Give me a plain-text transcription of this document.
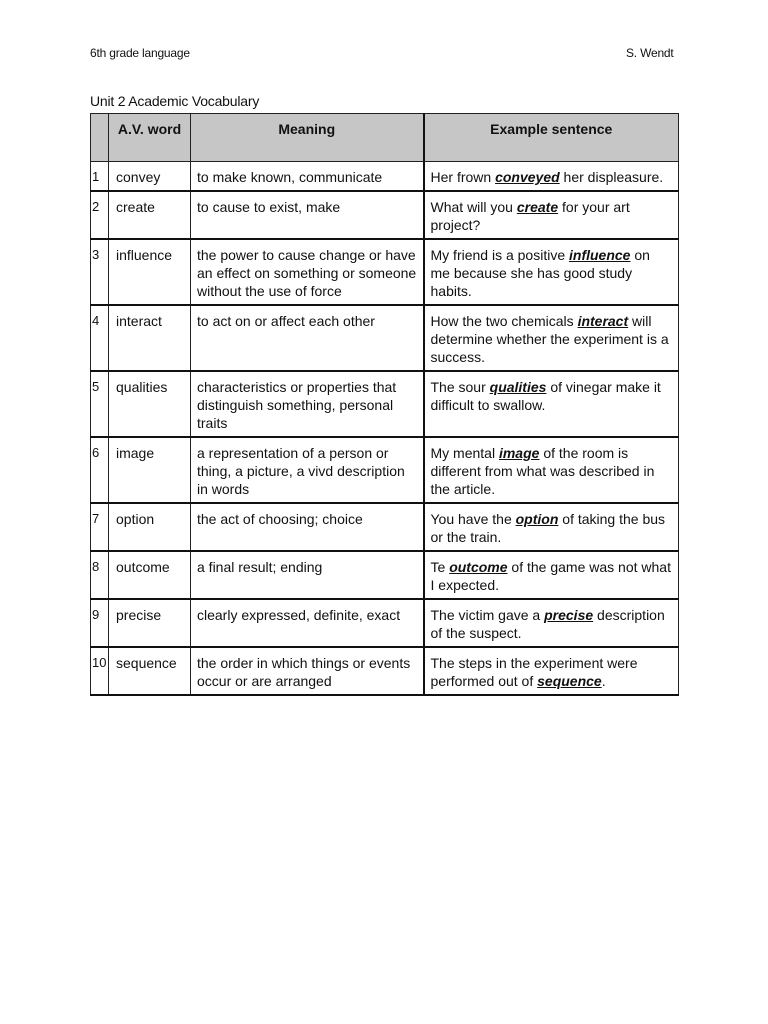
6th grade language	S. Wendt
Unit 2 Academic Vocabulary
	A.V. word	Meaning	Example sentence
1	convey	to make known, communicate	Her frown conveyed her displeasure.
2	create	to cause to exist, make	What will you create for your art project?
3	influence	the power to cause change or have an effect on something or someone without the use of force	My friend is a positive influence on me because she has good study habits.
4	interact	to act on or affect each other	How the two chemicals interact will determine whether the experiment is a success.
5	qualities	characteristics or properties that distinguish something, personal traits	The sour qualities of vinegar make it difficult to swallow.
6	image	a representation of a person or thing, a picture, a vivd description in words	My mental image of the room is different from what was described in the article.
7	option	the act of choosing; choice	You have the option of taking the bus or the train.
8	outcome	a final result; ending	Te outcome of the game was not what I expected.
9	precise	clearly expressed, definite, exact	The victim gave a precise description of the suspect.
10	sequence	the order in which things or events occur or are arranged	The steps in the experiment were performed out of sequence.
